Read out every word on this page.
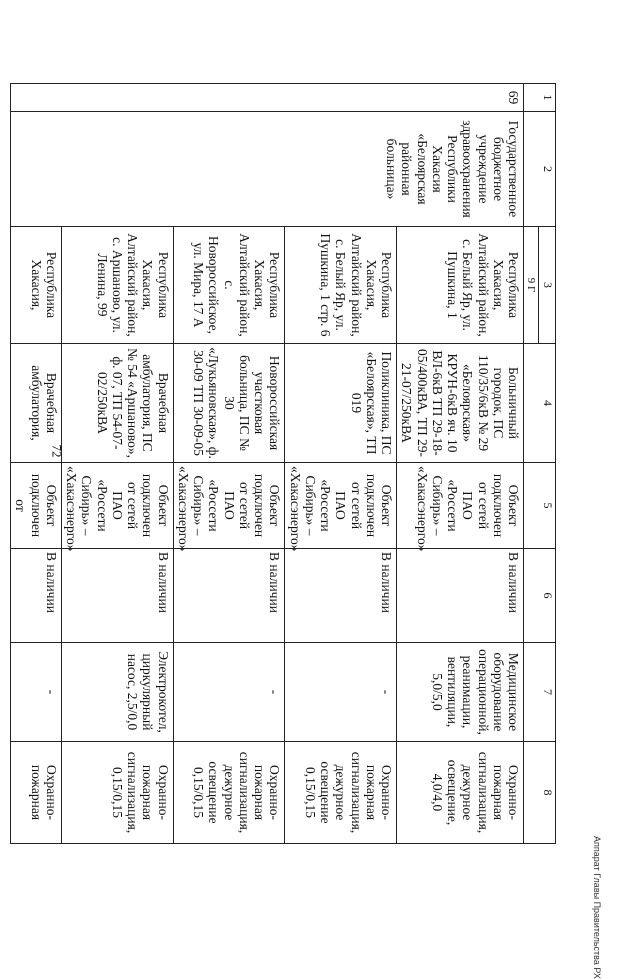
72
1	2	3	4	5	6	7	8
		9 Г					
69	Государственное бюджетное учреждение здравоохранения Республики Хакасия «Белоярская районная больница»	Республика Хакасия, Алтайский район, с. Белый Яр, ул. Пушкина, 1	Больничный городок, ПС 110/35/6кВ № 29 «Белоярская» КРУН-6кВ яч. 10 ВЛ-6кВ ТП 29-18-05/400кВА, ТП 29-21-07/250кВА	Объект подключен от сетей ПАО «Россети Сибирь» – «Хакасэнерго»	В наличии	Медицинское оборудование операционной, реанимации, вентиляции, 5,0/5,0	Охранно-пожарная сигнализация, дежурное освещение, 4,0/4,0
		Республика Хакасия, Алтайский район, с. Белый Яр, ул. Пушкина, 1 стр. 6	Поликлиника, ПС «Белоярская», ТП 019	Объект подключен от сетей ПАО «Россети Сибирь» – «Хакасэнерго»	В наличии	-	Охранно-пожарная сигнализация, дежурное освещение 0,15/0,15
		Республика Хакасия, Алтайский район, с. Новороссийское, ул. Мира, 17 А	Новороссийская участковая больница, ПС № 30 «Лукьяновская», ф. 30-09 ТП 30-09-05	Объект подключен от сетей ПАО «Россети Сибирь» – «Хакасэнерго»	В наличии	-	Охранно-пожарная сигнализация, дежурное освещение 0,15/0,15
		Республика Хакасия, Алтайский район, с. Аршаново, ул. Ленина, 99	Врачебная амбулатория, ПС № 54 «Аршаново», ф. 07, ТП 54-07-02/250кВА	Объект подключен от сетей ПАО «Россети Сибирь» – «Хакасэнерго»	В наличии	Электрокотел, циркулярный насос, 2,5/0,0	Охранно-пожарная сигнализация, 0,15/0,15
		Республика Хакасия,	Врачебная амбулатория,	Объект подключен от	В наличии	-	Охранно-пожарная
Аппарат Главы Правительства РХ
